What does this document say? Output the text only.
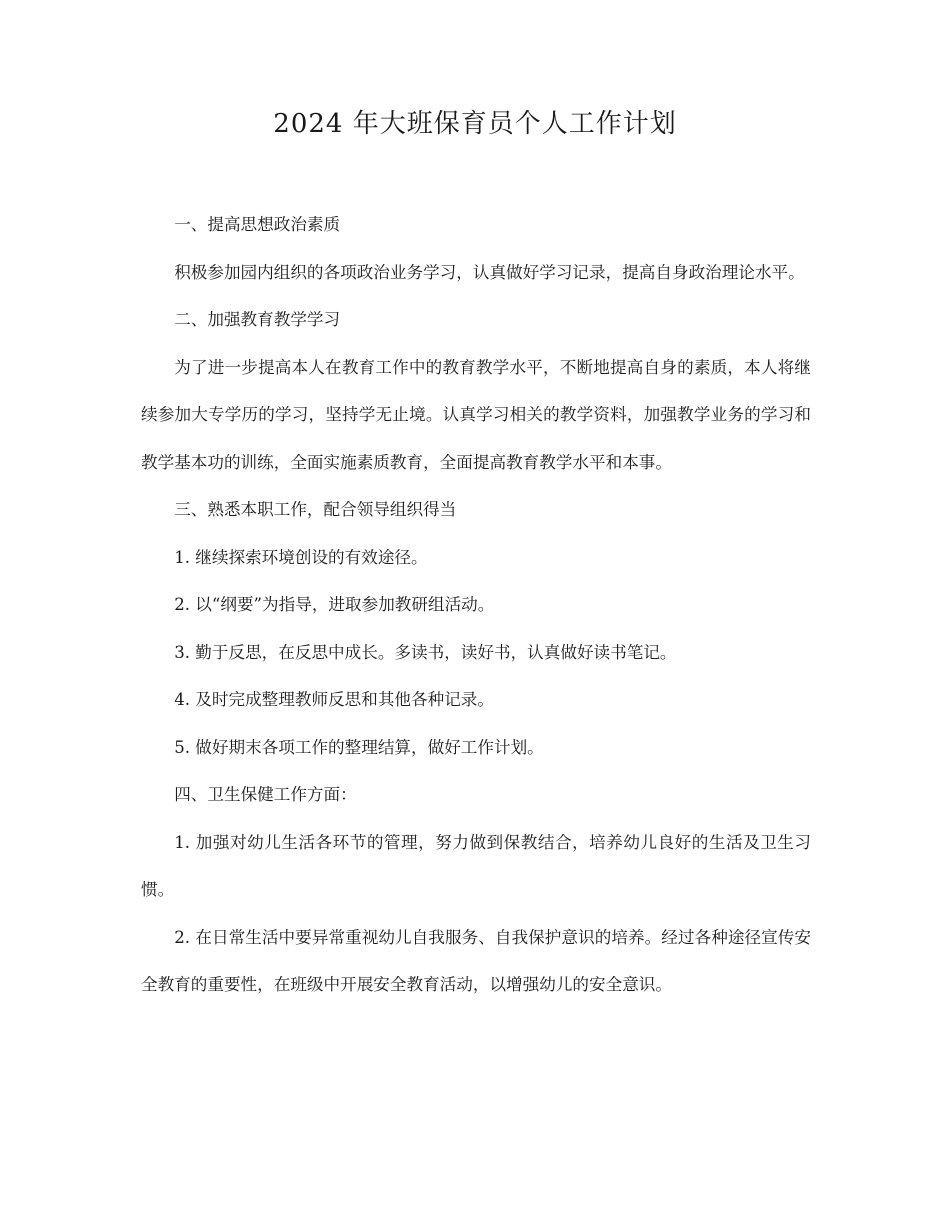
2024 年大班保育员个人工作计划

一、提高思想政治素质

积极参加园内组织的各项政治业务学习，认真做好学习记录，提高自身政治理论水平。

二、加强教育教学学习

为了进一步提高本人在教育工作中的教育教学水平，不断地提高自身的素质，本人将继续参加大专学历的学习，坚持学无止境。认真学习相关的教学资料，加强教学业务的学习和教学基本功的训练，全面实施素质教育，全面提高教育教学水平和本事。

三、熟悉本职工作，配合领导组织得当

1. 继续探索环境创设的有效途径。

2. 以“纲要”为指导，进取参加教研组活动。

3. 勤于反思，在反思中成长。多读书，读好书，认真做好读书笔记。

4. 及时完成整理教师反思和其他各种记录。

5. 做好期末各项工作的整理结算，做好工作计划。

四、卫生保健工作方面：

1. 加强对幼儿生活各环节的管理，努力做到保教结合，培养幼儿良好的生活及卫生习惯。

2. 在日常生活中要异常重视幼儿自我服务、自我保护意识的培养。经过各种途径宣传安全教育的重要性，在班级中开展安全教育活动，以增强幼儿的安全意识。
